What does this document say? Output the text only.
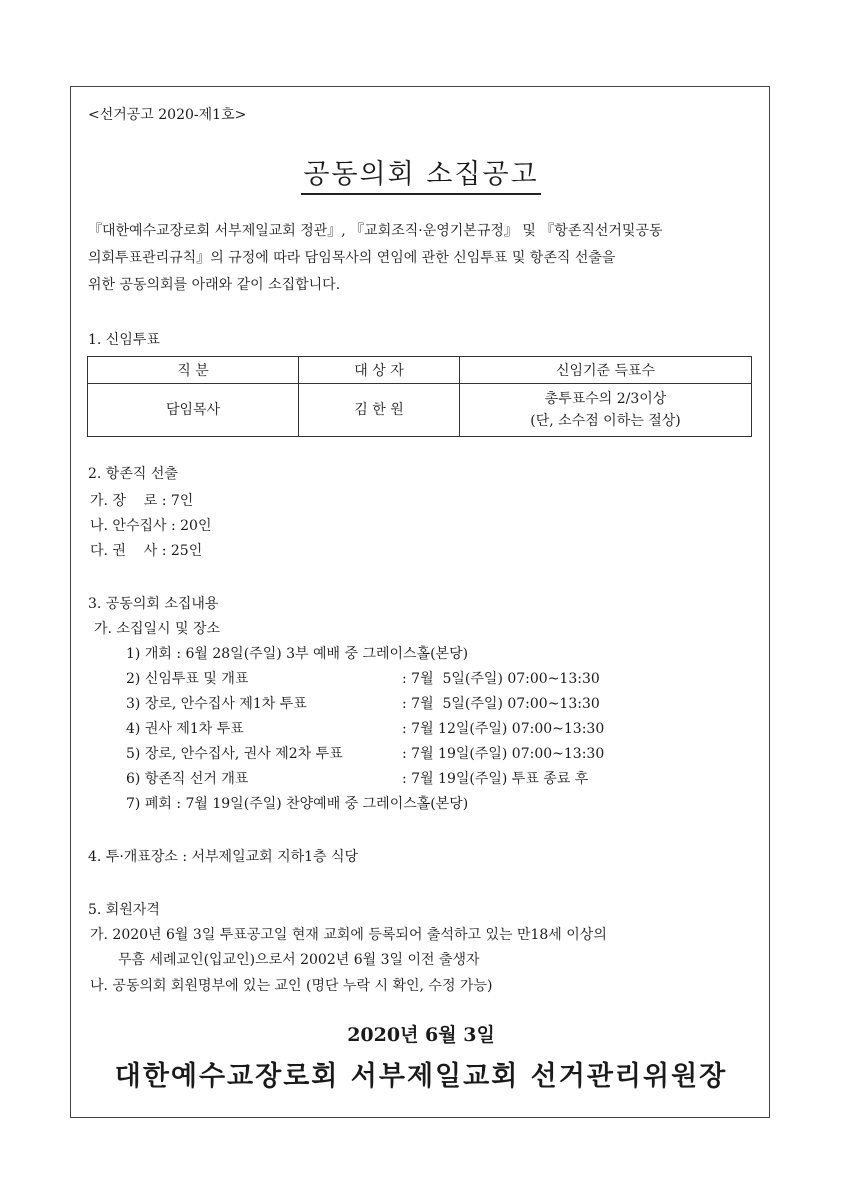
<선거공고 2020-제1호>
공동의회 소집공고
『대한예수교장로회 서부제일교회 정관』, 『교회조직·운영기본규정』 및 『항존직선거및공동
의회투표관리규칙』의 규정에 따라 담임목사의 연임에 관한 신임투표 및 항존직 선출을
위한 공동의회를 아래와 같이 소집합니다.
1. 신임투표
직 분	대 상 자	신임기준 득표수
담임목사	김 한 원	총투표수의 2/3이상
(단, 소수점 이하는 절상)
2. 항존직 선출
가. 장    로 : 7인
나. 안수집사 : 20인
다. 권    사 : 25인
3. 공동의회 소집내용
가. 소집일시 및 장소
1) 개회 : 6월 28일(주일) 3부 예배 중 그레이스홀(본당)
2) 신임투표 및 개표	: 7월  5일(주일) 07:00~13:30
3) 장로, 안수집사 제1차 투표	: 7월  5일(주일) 07:00~13:30
4) 권사 제1차 투표	: 7월 12일(주일) 07:00~13:30
5) 장로, 안수집사, 권사 제2차 투표	: 7월 19일(주일) 07:00~13:30
6) 항존직 선거 개표	: 7월 19일(주일) 투표 종료 후
7) 폐회 : 7월 19일(주일) 찬양예배 중 그레이스홀(본당)
4. 투·개표장소 : 서부제일교회 지하1층 식당
5. 회원자격
가. 2020년 6월 3일 투표공고일 현재 교회에 등록되어 출석하고 있는 만18세 이상의
무흠 세례교인(입교인)으로서 2002년 6월 3일 이전 출생자
나. 공동의회 회원명부에 있는 교인 (명단 누락 시 확인, 수정 가능)
2020년 6월 3일
대한예수교장로회 서부제일교회 선거관리위원장
